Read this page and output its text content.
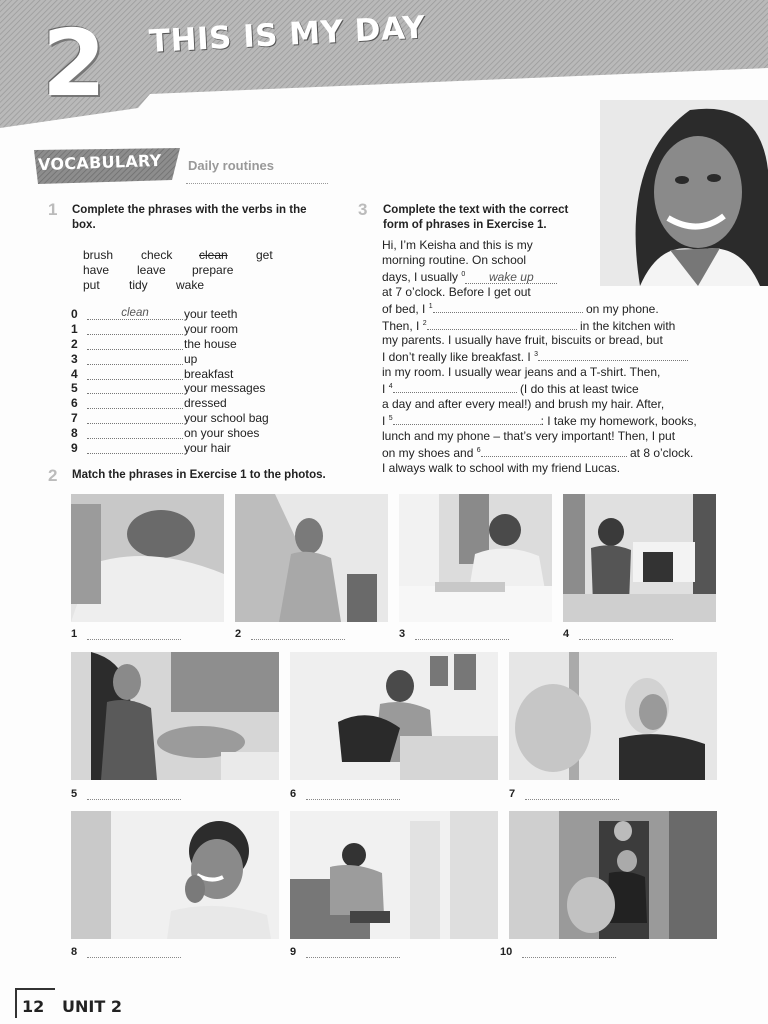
2 THIS IS MY DAY
VOCABULARY Daily routines
1 Complete the phrases with the verbs in the box.
brush	check	clean	get
have	leave	prepare
put	tidy	wake
0	clean	your teeth
1	your room
2	the house
3	up
4	breakfast
5	your messages
6	dressed
7	your school bag
8	on your shoes
9	your hair
3 Complete the text with the correct form of phrases in Exercise 1.
Hi, I’m Keisha and this is my
morning routine. On school
days, I usually $^0$ wake up
at 7 o’clock. Before I get out
of bed, I $^1$	on my phone.
Then, I $^2$	in the kitchen with
my parents. I usually have fruit, biscuits or bread, but
I don’t really like breakfast. I $^3$
in my room. I usually wear jeans and a T-shirt. Then,
I $^4$	(I do this at least twice
a day and after every meal!) and brush my hair. After,
I $^5$	: I take my homework, books,
lunch and my phone – that’s very important! Then, I put
on my shoes and $^6$	at 8 o’clock.
I always walk to school with my friend Lucas.
2 Match the phrases in Exercise 1 to the photos.
1	2	3	4
5	6	7
8	9	10
12 UNIT 2
